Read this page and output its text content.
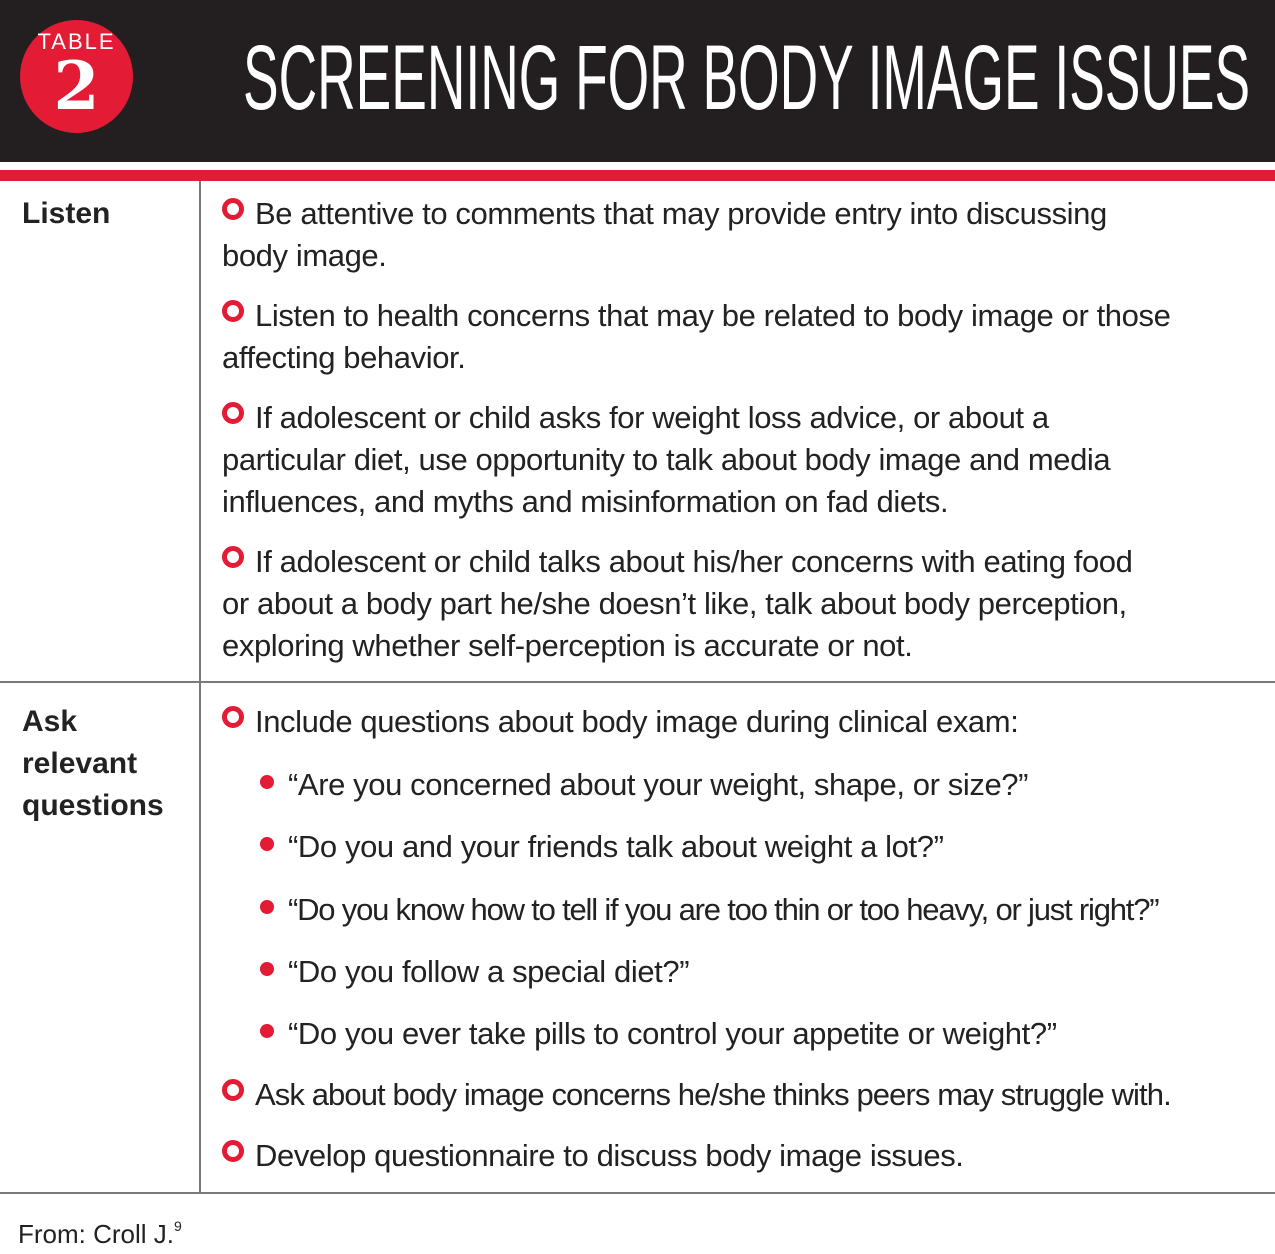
TABLE
2	SCREENING FOR BODY IMAGE ISSUES
Listen	Be attentive to comments that may provide entry into discussing
body image.
Listen to health concerns that may be related to body image or those
affecting behavior.
If adolescent or child asks for weight loss advice, or about a
particular diet, use opportunity to talk about body image and media
influences, and myths and misinformation on fad diets.
If adolescent or child talks about his/her concerns with eating food
or about a body part he/she doesn’t like, talk about body perception,
exploring whether self-perception is accurate or not.
Ask
relevant
questions
Include questions about body image during clinical exam:
“Are you concerned about your weight, shape, or size?”
“Do you and your friends talk about weight a lot?”
“Do you know how to tell if you are too thin or too heavy, or just right?”
“Do you follow a special diet?”
“Do you ever take pills to control your appetite or weight?”
Ask about body image concerns he/she thinks peers may struggle with.
Develop questionnaire to discuss body image issues.
From: Croll J.$^9$
